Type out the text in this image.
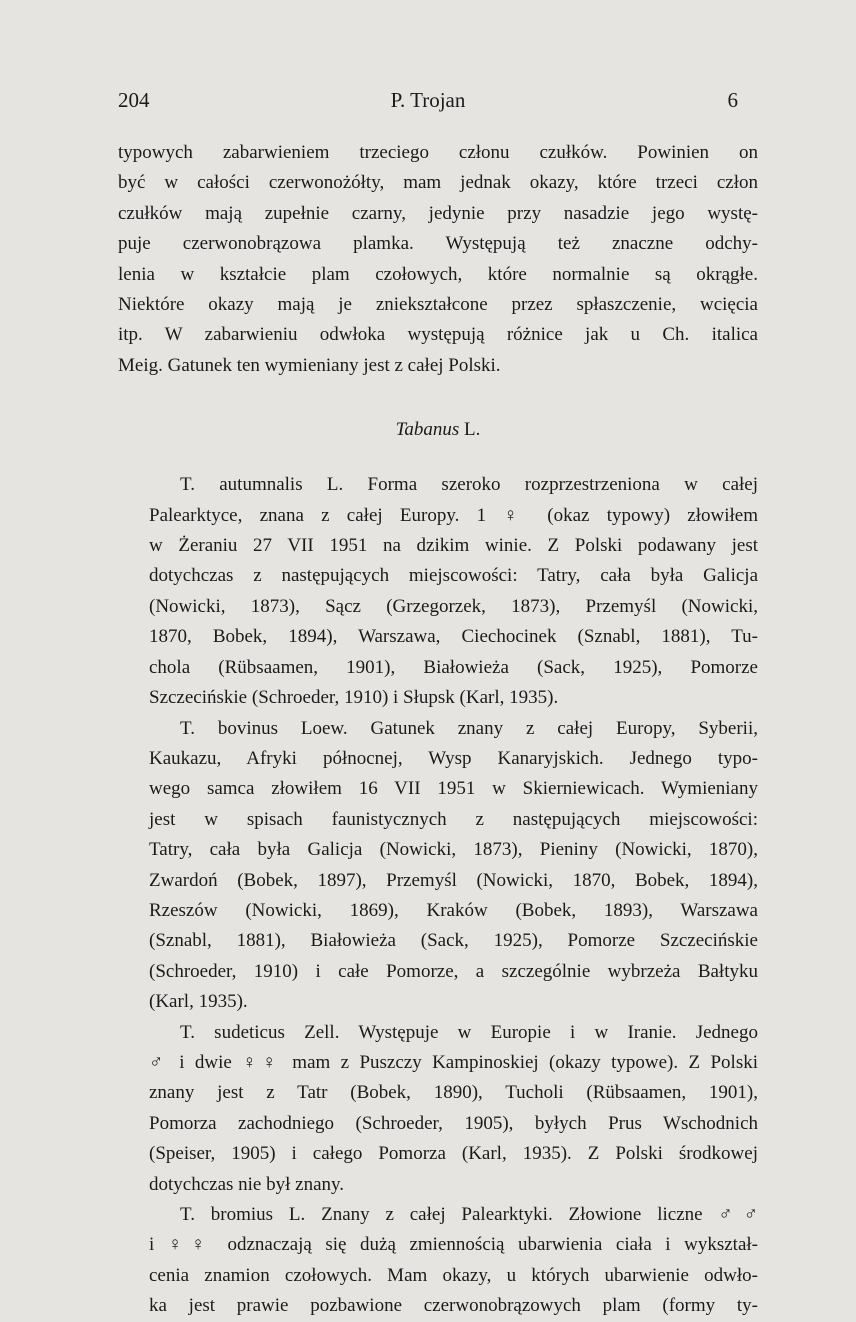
204	P. Trojan	6

typowych zabarwieniem trzeciego członu czułków. Powinien on
być w całości czerwonożółty, mam jednak okazy, które trzeci człon
czułków mają zupełnie czarny, jedynie przy nasadzie jego wystę-
puje czerwonobrązowa plamka. Występują też znaczne odchy-
lenia w kształcie plam czołowych, które normalnie są okrągłe.
Niektóre okazy mają je zniekształcone przez spłaszczenie, wcięcia
itp. W zabarwieniu odwłoka występują różnice jak u Ch. italica
Meig. Gatunek ten wymieniany jest z całej Polski.

Tabanus L.

T. autumnalis L. Forma szeroko rozprzestrzeniona w całej
Palearktyce, znana z całej Europy. 1 ♀ (okaz typowy) złowiłem
w Żeraniu 27 VII 1951 na dzikim winie. Z Polski podawany jest
dotychczas z następujących miejscowości: Tatry, cała była Galicja
(Nowicki, 1873), Sącz (Grzegorzek, 1873), Przemyśl (Nowicki,
1870, Bobek, 1894), Warszawa, Ciechocinek (Sznabl, 1881), Tu-
chola (Rübsaamen, 1901), Białowieża (Sack, 1925), Pomorze
Szczecińskie (Schroeder, 1910) i Słupsk (Karl, 1935).

T. bovinus Loew. Gatunek znany z całej Europy, Syberii,
Kaukazu, Afryki północnej, Wysp Kanaryjskich. Jednego typo-
wego samca złowiłem 16 VII 1951 w Skierniewicach. Wymieniany
jest w spisach faunistycznych z następujących miejscowości:
Tatry, cała była Galicja (Nowicki, 1873), Pieniny (Nowicki, 1870),
Zwardoń (Bobek, 1897), Przemyśl (Nowicki, 1870, Bobek, 1894),
Rzeszów (Nowicki, 1869), Kraków (Bobek, 1893), Warszawa
(Sznabl, 1881), Białowieża (Sack, 1925), Pomorze Szczecińskie
(Schroeder, 1910) i całe Pomorze, a szczególnie wybrzeża Bałtyku
(Karl, 1935).

T. sudeticus Zell. Występuje w Europie i w Iranie. Jednego
♂ i dwie ♀♀ mam z Puszczy Kampinoskiej (okazy typowe). Z Polski
znany jest z Tatr (Bobek, 1890), Tucholi (Rübsaamen, 1901),
Pomorza zachodniego (Schroeder, 1905), byłych Prus Wschodnich
(Speiser, 1905) i całego Pomorza (Karl, 1935). Z Polski środkowej
dotychczas nie był znany.

T. bromius L. Znany z całej Palearktyki. Złowione liczne ♂♂
i ♀♀ odznaczają się dużą zmiennością ubarwienia ciała i wykształ-
cenia znamion czołowych. Mam okazy, u których ubarwienie odwło-
ka jest prawie pozbawione czerwonobrązowych plam (formy ty-
